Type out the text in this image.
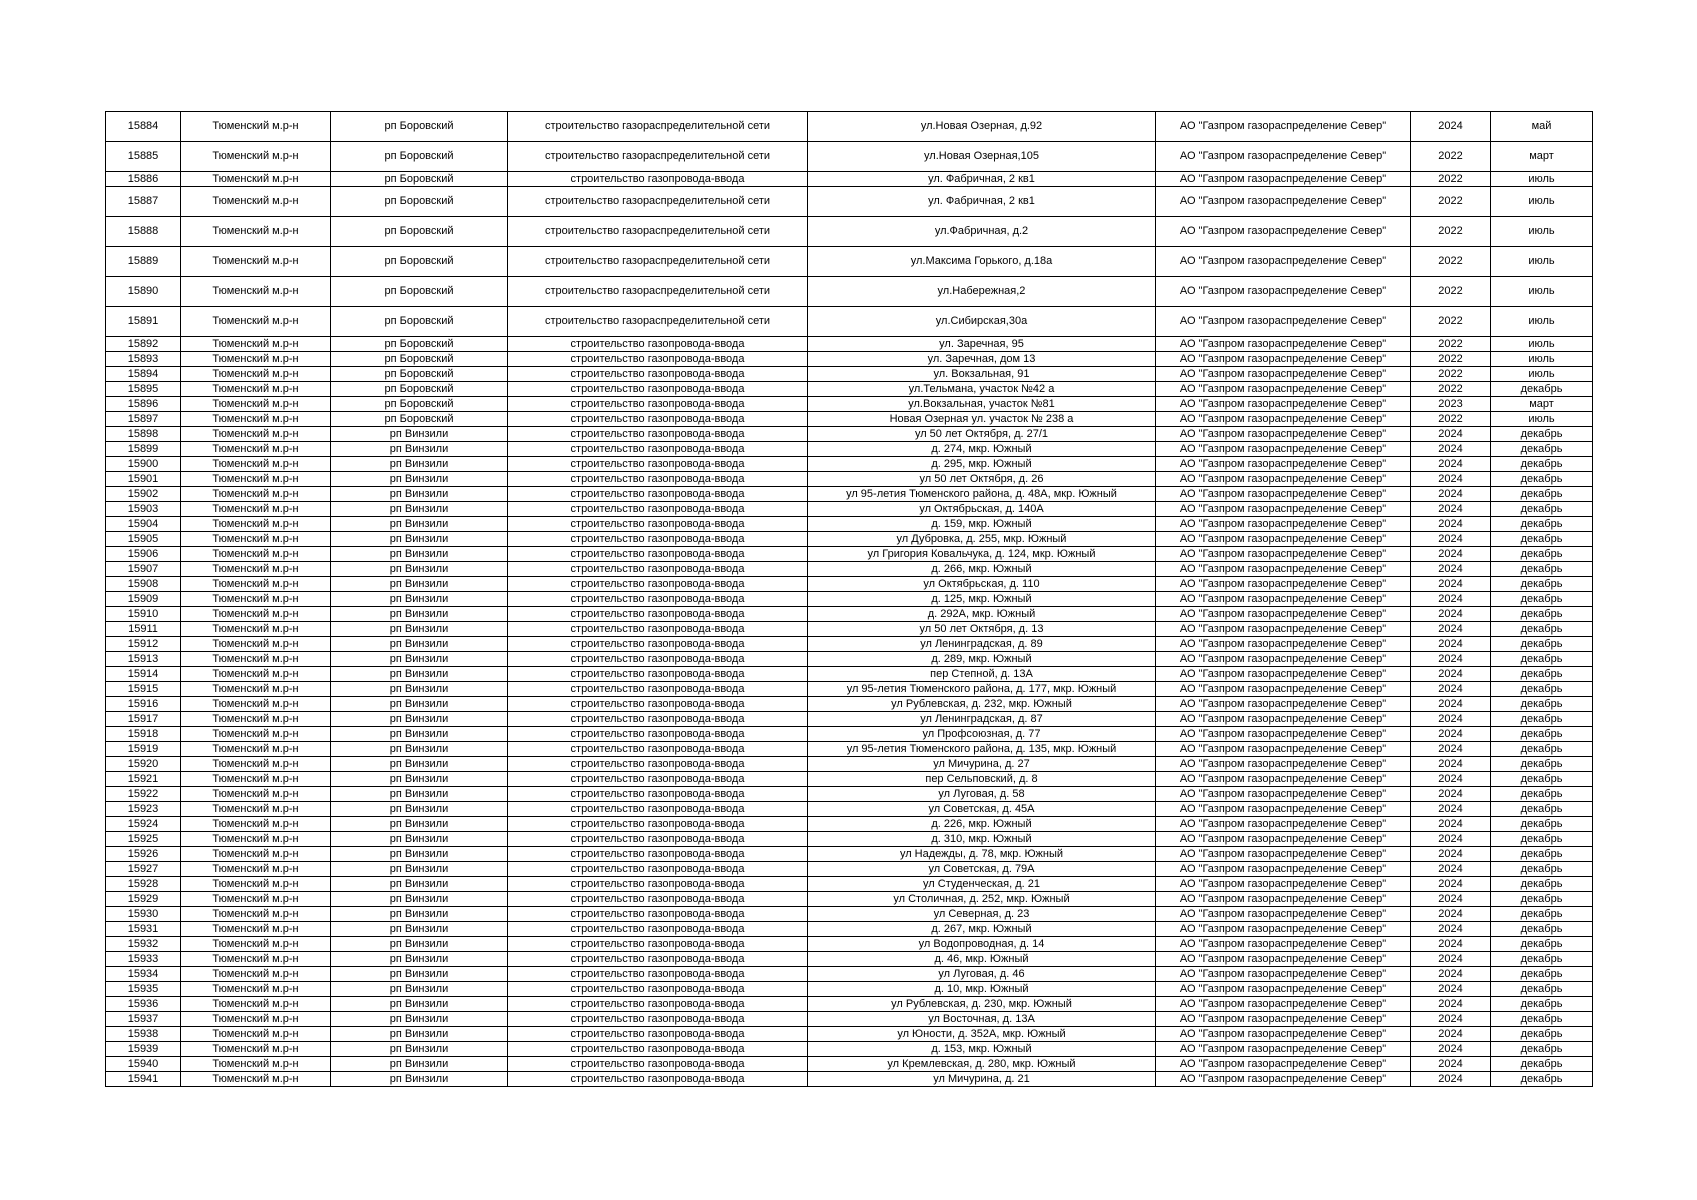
15884	Тюменский м.р-н	рп Боровский	строительство газораспределительной сети	ул.Новая Озерная, д.92	АО "Газпром газораспределение Север"	2024	май
15885	Тюменский м.р-н	рп Боровский	строительство газораспределительной сети	ул.Новая Озерная,105	АО "Газпром газораспределение Север"	2022	март
15886	Тюменский м.р-н	рп Боровский	строительство газопровода-ввода	ул. Фабричная, 2 кв1	АО "Газпром газораспределение Север"	2022	июль
15887	Тюменский м.р-н	рп Боровский	строительство газораспределительной сети	ул. Фабричная, 2 кв1	АО "Газпром газораспределение Север"	2022	июль
15888	Тюменский м.р-н	рп Боровский	строительство газораспределительной сети	ул.Фабричная, д.2	АО "Газпром газораспределение Север"	2022	июль
15889	Тюменский м.р-н	рп Боровский	строительство газораспределительной сети	ул.Максима Горького, д.18а	АО "Газпром газораспределение Север"	2022	июль
15890	Тюменский м.р-н	рп Боровский	строительство газораспределительной сети	ул.Набережная,2	АО "Газпром газораспределение Север"	2022	июль
15891	Тюменский м.р-н	рп Боровский	строительство газораспределительной сети	ул.Сибирская,30а	АО "Газпром газораспределение Север"	2022	июль
15892	Тюменский м.р-н	рп Боровский	строительство газопровода-ввода	ул. Заречная, 95	АО "Газпром газораспределение Север"	2022	июль
15893	Тюменский м.р-н	рп Боровский	строительство газопровода-ввода	ул. Заречная, дом 13	АО "Газпром газораспределение Север"	2022	июль
15894	Тюменский м.р-н	рп Боровский	строительство газопровода-ввода	ул. Вокзальная, 91	АО "Газпром газораспределение Север"	2022	июль
15895	Тюменский м.р-н	рп Боровский	строительство газопровода-ввода	ул.Тельмана, участок №42 а	АО "Газпром газораспределение Север"	2022	декабрь
15896	Тюменский м.р-н	рп Боровский	строительство газопровода-ввода	ул.Вокзальная, участок №81	АО "Газпром газораспределение Север"	2023	март
15897	Тюменский м.р-н	рп Боровский	строительство газопровода-ввода	Новая Озерная ул. участок № 238 а	АО "Газпром газораспределение Север"	2022	июль
15898	Тюменский м.р-н	рп Винзили	строительство газопровода-ввода	ул 50 лет Октября, д. 27/1	АО "Газпром газораспределение Север"	2024	декабрь
15899	Тюменский м.р-н	рп Винзили	строительство газопровода-ввода	д. 274, мкр. Южный	АО "Газпром газораспределение Север"	2024	декабрь
15900	Тюменский м.р-н	рп Винзили	строительство газопровода-ввода	д. 295, мкр. Южный	АО "Газпром газораспределение Север"	2024	декабрь
15901	Тюменский м.р-н	рп Винзили	строительство газопровода-ввода	ул 50 лет Октября, д. 26	АО "Газпром газораспределение Север"	2024	декабрь
15902	Тюменский м.р-н	рп Винзили	строительство газопровода-ввода	ул 95-летия Тюменского района, д. 48А, мкр. Южный	АО "Газпром газораспределение Север"	2024	декабрь
15903	Тюменский м.р-н	рп Винзили	строительство газопровода-ввода	ул Октябрьская, д. 140А	АО "Газпром газораспределение Север"	2024	декабрь
15904	Тюменский м.р-н	рп Винзили	строительство газопровода-ввода	д. 159, мкр. Южный	АО "Газпром газораспределение Север"	2024	декабрь
15905	Тюменский м.р-н	рп Винзили	строительство газопровода-ввода	ул Дубровка, д. 255, мкр. Южный	АО "Газпром газораспределение Север"	2024	декабрь
15906	Тюменский м.р-н	рп Винзили	строительство газопровода-ввода	ул Григория Ковальчука, д. 124, мкр. Южный	АО "Газпром газораспределение Север"	2024	декабрь
15907	Тюменский м.р-н	рп Винзили	строительство газопровода-ввода	д. 266, мкр. Южный	АО "Газпром газораспределение Север"	2024	декабрь
15908	Тюменский м.р-н	рп Винзили	строительство газопровода-ввода	ул Октябрьская, д. 110	АО "Газпром газораспределение Север"	2024	декабрь
15909	Тюменский м.р-н	рп Винзили	строительство газопровода-ввода	д. 125, мкр. Южный	АО "Газпром газораспределение Север"	2024	декабрь
15910	Тюменский м.р-н	рп Винзили	строительство газопровода-ввода	д. 292А, мкр. Южный	АО "Газпром газораспределение Север"	2024	декабрь
15911	Тюменский м.р-н	рп Винзили	строительство газопровода-ввода	ул 50 лет Октября, д. 13	АО "Газпром газораспределение Север"	2024	декабрь
15912	Тюменский м.р-н	рп Винзили	строительство газопровода-ввода	ул Ленинградская, д. 89	АО "Газпром газораспределение Север"	2024	декабрь
15913	Тюменский м.р-н	рп Винзили	строительство газопровода-ввода	д. 289, мкр. Южный	АО "Газпром газораспределение Север"	2024	декабрь
15914	Тюменский м.р-н	рп Винзили	строительство газопровода-ввода	пер Степной, д. 13А	АО "Газпром газораспределение Север"	2024	декабрь
15915	Тюменский м.р-н	рп Винзили	строительство газопровода-ввода	ул 95-летия Тюменского района, д. 177, мкр. Южный	АО "Газпром газораспределение Север"	2024	декабрь
15916	Тюменский м.р-н	рп Винзили	строительство газопровода-ввода	ул Рублевская, д. 232, мкр. Южный	АО "Газпром газораспределение Север"	2024	декабрь
15917	Тюменский м.р-н	рп Винзили	строительство газопровода-ввода	ул Ленинградская, д. 87	АО "Газпром газораспределение Север"	2024	декабрь
15918	Тюменский м.р-н	рп Винзили	строительство газопровода-ввода	ул Профсоюзная, д. 77	АО "Газпром газораспределение Север"	2024	декабрь
15919	Тюменский м.р-н	рп Винзили	строительство газопровода-ввода	ул 95-летия Тюменского района, д. 135, мкр. Южный	АО "Газпром газораспределение Север"	2024	декабрь
15920	Тюменский м.р-н	рп Винзили	строительство газопровода-ввода	ул Мичурина, д. 27	АО "Газпром газораспределение Север"	2024	декабрь
15921	Тюменский м.р-н	рп Винзили	строительство газопровода-ввода	пер Сельповский, д. 8	АО "Газпром газораспределение Север"	2024	декабрь
15922	Тюменский м.р-н	рп Винзили	строительство газопровода-ввода	ул Луговая, д. 58	АО "Газпром газораспределение Север"	2024	декабрь
15923	Тюменский м.р-н	рп Винзили	строительство газопровода-ввода	ул Советская, д. 45А	АО "Газпром газораспределение Север"	2024	декабрь
15924	Тюменский м.р-н	рп Винзили	строительство газопровода-ввода	д. 226, мкр. Южный	АО "Газпром газораспределение Север"	2024	декабрь
15925	Тюменский м.р-н	рп Винзили	строительство газопровода-ввода	д. 310, мкр. Южный	АО "Газпром газораспределение Север"	2024	декабрь
15926	Тюменский м.р-н	рп Винзили	строительство газопровода-ввода	ул Надежды, д. 78, мкр. Южный	АО "Газпром газораспределение Север"	2024	декабрь
15927	Тюменский м.р-н	рп Винзили	строительство газопровода-ввода	ул Советская, д. 79А	АО "Газпром газораспределение Север"	2024	декабрь
15928	Тюменский м.р-н	рп Винзили	строительство газопровода-ввода	ул Студенческая, д. 21	АО "Газпром газораспределение Север"	2024	декабрь
15929	Тюменский м.р-н	рп Винзили	строительство газопровода-ввода	ул Столичная, д. 252, мкр. Южный	АО "Газпром газораспределение Север"	2024	декабрь
15930	Тюменский м.р-н	рп Винзили	строительство газопровода-ввода	ул Северная, д. 23	АО "Газпром газораспределение Север"	2024	декабрь
15931	Тюменский м.р-н	рп Винзили	строительство газопровода-ввода	д. 267, мкр. Южный	АО "Газпром газораспределение Север"	2024	декабрь
15932	Тюменский м.р-н	рп Винзили	строительство газопровода-ввода	ул Водопроводная, д. 14	АО "Газпром газораспределение Север"	2024	декабрь
15933	Тюменский м.р-н	рп Винзили	строительство газопровода-ввода	д. 46, мкр. Южный	АО "Газпром газораспределение Север"	2024	декабрь
15934	Тюменский м.р-н	рп Винзили	строительство газопровода-ввода	ул Луговая, д. 46	АО "Газпром газораспределение Север"	2024	декабрь
15935	Тюменский м.р-н	рп Винзили	строительство газопровода-ввода	д. 10, мкр. Южный	АО "Газпром газораспределение Север"	2024	декабрь
15936	Тюменский м.р-н	рп Винзили	строительство газопровода-ввода	ул Рублевская, д. 230, мкр. Южный	АО "Газпром газораспределение Север"	2024	декабрь
15937	Тюменский м.р-н	рп Винзили	строительство газопровода-ввода	ул Восточная, д. 13А	АО "Газпром газораспределение Север"	2024	декабрь
15938	Тюменский м.р-н	рп Винзили	строительство газопровода-ввода	ул Юности, д. 352А, мкр. Южный	АО "Газпром газораспределение Север"	2024	декабрь
15939	Тюменский м.р-н	рп Винзили	строительство газопровода-ввода	д. 153, мкр. Южный	АО "Газпром газораспределение Север"	2024	декабрь
15940	Тюменский м.р-н	рп Винзили	строительство газопровода-ввода	ул Кремлевская, д. 280, мкр. Южный	АО "Газпром газораспределение Север"	2024	декабрь
15941	Тюменский м.р-н	рп Винзили	строительство газопровода-ввода	ул Мичурина, д. 21	АО "Газпром газораспределение Север"	2024	декабрь
